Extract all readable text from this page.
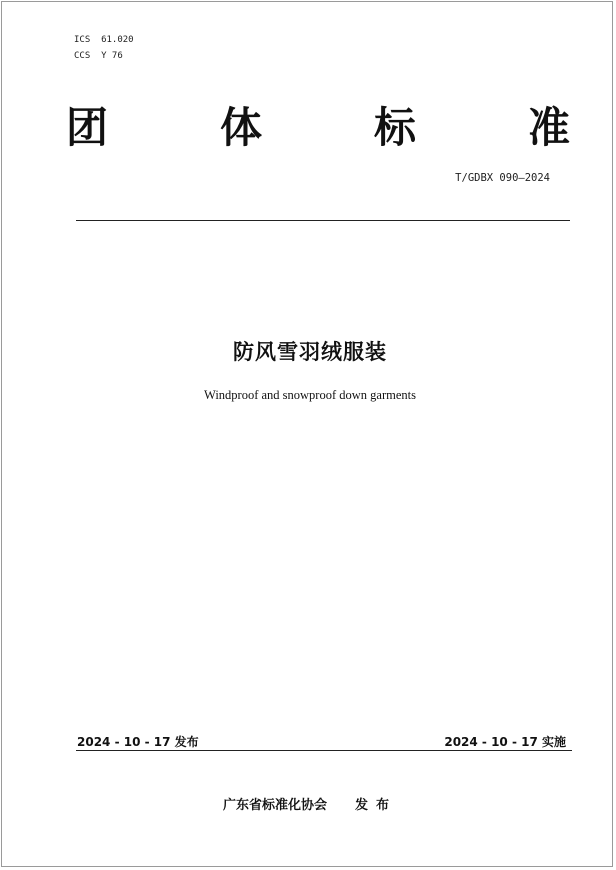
ICS  61.020
CCS  Y 76
团	体	标	准
T/GDBX 090—2024
防风雪羽绒服装
Windproof and snowproof down garments
2024 - 10 - 17 发布	2024 - 10 - 17 实施
广东省标准化协会 发布
